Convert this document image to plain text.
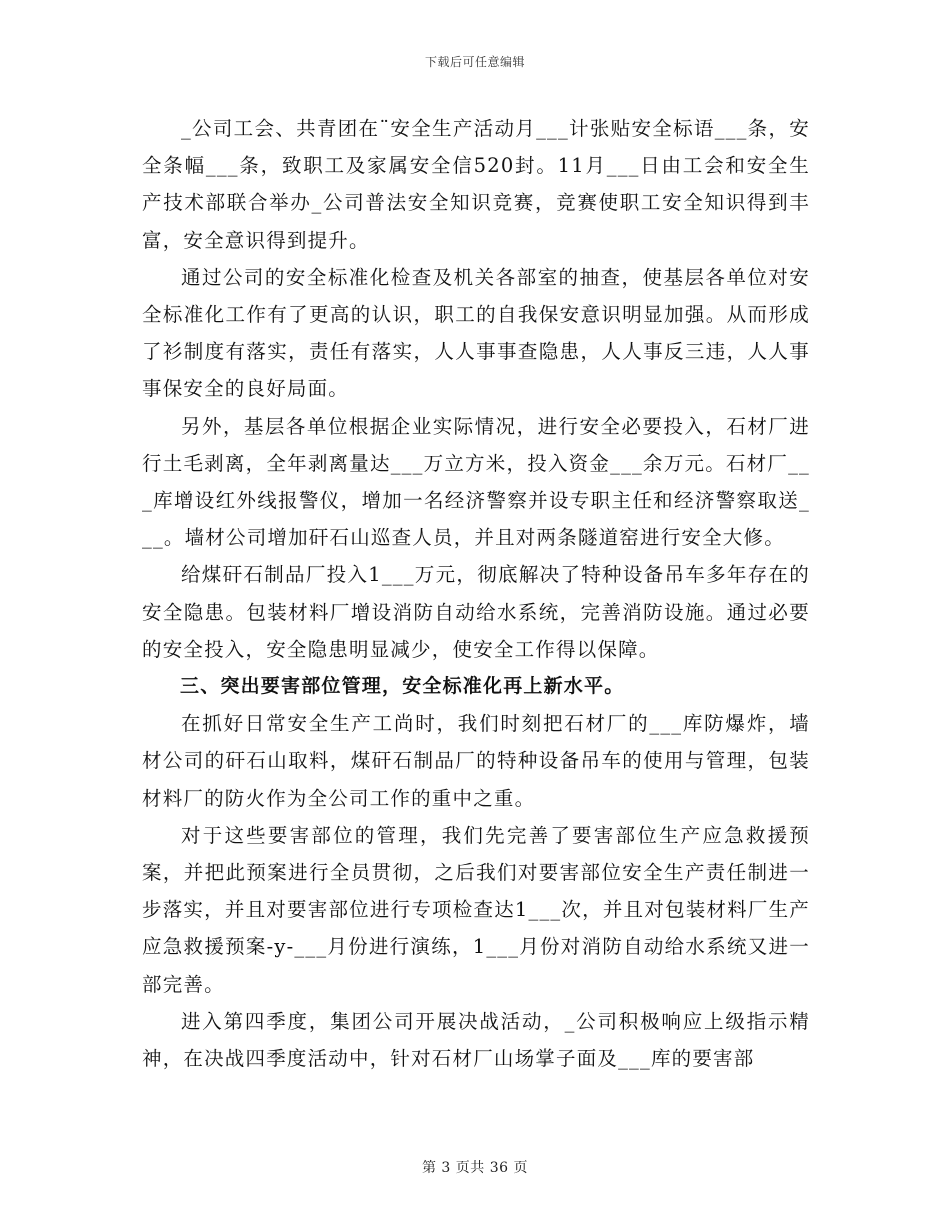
下载后可任意编辑

_公司工会、共青团在¨安全生产活动月___计张贴安全标语___条，安全条幅___条，致职工及家属安全信520封。11月___日由工会和安全生产技术部联合举办_公司普法安全知识竞赛，竞赛使职工安全知识得到丰富，安全意识得到提升。

通过公司的安全标准化检查及机关各部室的抽查，使基层各单位对安全标准化工作有了更高的认识，职工的自我保安意识明显加强。从而形成了衫制度有落实，责任有落实，人人事事查隐患，人人事反三违，人人事事保安全的良好局面。

另外，基层各单位根据企业实际情况，进行安全必要投入，石材厂进行土毛剥离，全年剥离量达___万立方米，投入资金___余万元。石材厂___库增设红外线报警仪，增加一名经济警察并设专职主任和经济警察取送___。墙材公司增加矸石山巡查人员，并且对两条隧道窑进行安全大修。

给煤矸石制品厂投入1___万元，彻底解决了特种设备吊车多年存在的安全隐患。包装材料厂增设消防自动给水系统，完善消防设施。通过必要的安全投入，安全隐患明显减少，使安全工作得以保障。

三、突出要害部位管理，安全标准化再上新水平。

在抓好日常安全生产工尚时，我们时刻把石材厂的___库防爆炸，墙材公司的矸石山取料，煤矸石制品厂的特种设备吊车的使用与管理，包装材料厂的防火作为全公司工作的重中之重。

对于这些要害部位的管理，我们先完善了要害部位生产应急救援预案，并把此预案进行全员贯彻，之后我们对要害部位安全生产责任制进一步落实，并且对要害部位进行专项检查达1___次，并且对包装材料厂生产应急救援预案-y-___月份进行演练，1___月份对消防自动给水系统又进一部完善。

进入第四季度，集团公司开展决战活动，_公司积极响应上级指示精神，在决战四季度活动中，针对石材厂山场掌子面及___库的要害部

第 3 页共 36 页
